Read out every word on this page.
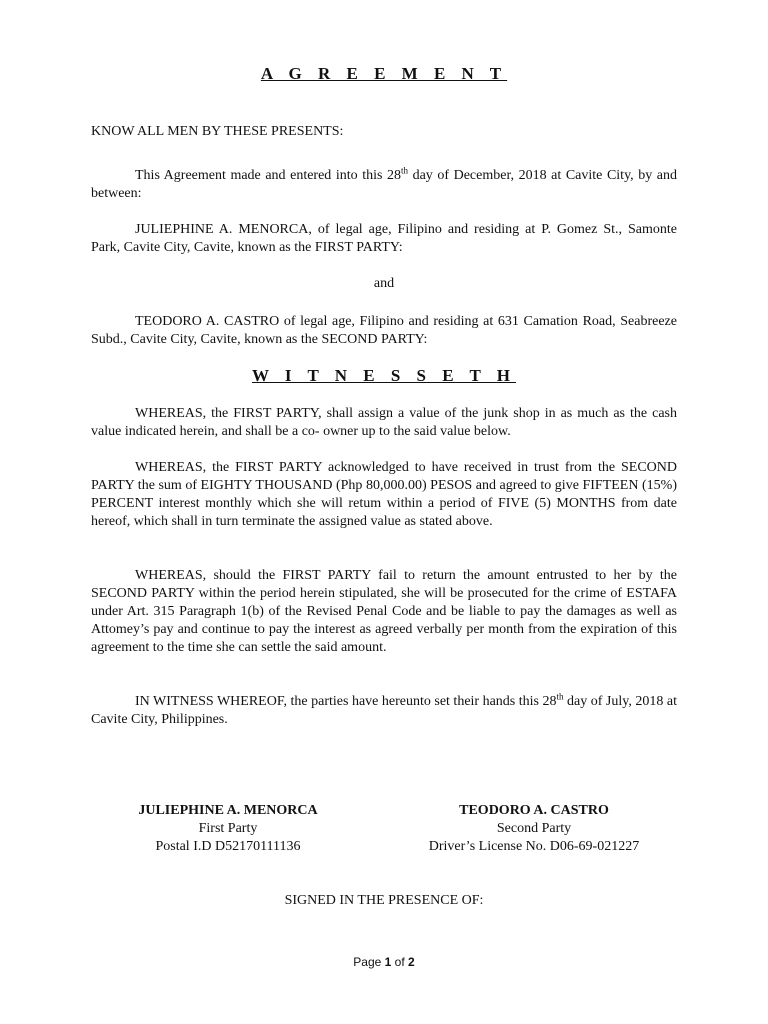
A G R E E M E N T

KNOW ALL MEN BY THESE PRESENTS:

This Agreement made and entered into this 28th day of December, 2018 at Cavite City, by and between:

JULIEPHINE A. MENORCA, of legal age, Filipino and residing at P. Gomez St., Samonte Park, Cavite City, Cavite, known as the FIRST PARTY:

and

TEODORO A. CASTRO of legal age, Filipino and residing at 631 Camation Road, Seabreeze Subd., Cavite City, Cavite, known as the SECOND PARTY:

W I T N E S S E T H

WHEREAS, the FIRST PARTY, shall assign a value of the junk shop in as much as the cash value indicated herein, and shall be a co- owner up to the said value below.

WHEREAS, the FIRST PARTY acknowledged to have received in trust from the SECOND PARTY the sum of EIGHTY THOUSAND (Php 80,000.00) PESOS and agreed to give FIFTEEN (15%) PERCENT interest monthly which she will retum within a period of FIVE (5) MONTHS from date hereof, which shall in turn terminate the assigned value as stated above.

WHEREAS, should the FIRST PARTY fail to return the amount entrusted to her by the SECOND PARTY within the period herein stipulated, she will be prosecuted for the crime of ESTAFA under Art. 315 Paragraph 1(b) of the Revised Penal Code and be liable to pay the damages as well as Attomey’s pay and continue to pay the interest as agreed verbally per month from the expiration of this agreement to the time she can settle the said amount.

IN WITNESS WHEREOF, the parties have hereunto set their hands this 28th day of July, 2018 at Cavite City, Philippines.

JULIEPHINE A. MENORCA
First Party
Postal I.D D52170111136
TEODORO A. CASTRO
Second Party
Driver’s License No. D06-69-021227

SIGNED IN THE PRESENCE OF:

Page 1 of 2
